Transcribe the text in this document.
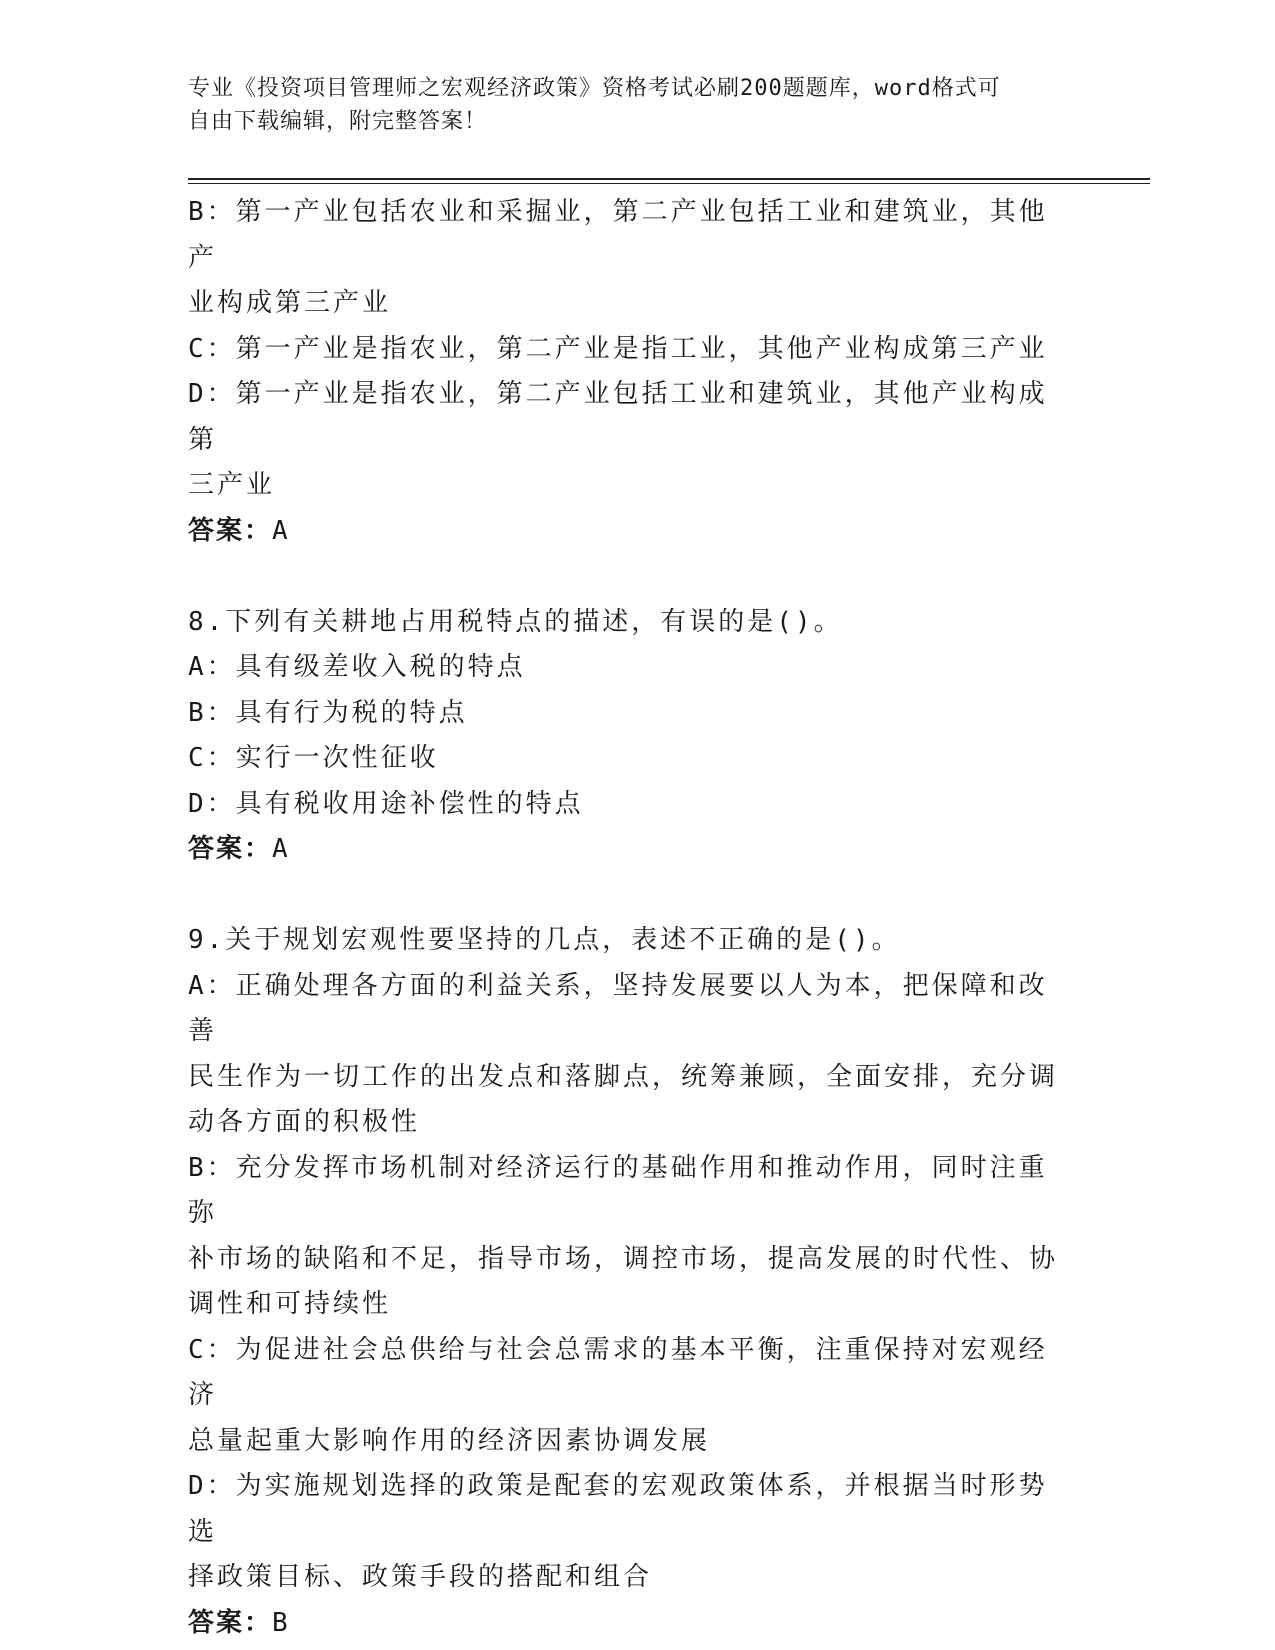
专业《投资项目管理师之宏观经济政策》资格考试必刷200题题库，word格式可
自由下载编辑，附完整答案！

B：第一产业包括农业和采掘业，第二产业包括工业和建筑业，其他产

业构成第三产业

C：第一产业是指农业，第二产业是指工业，其他产业构成第三产业

D：第一产业是指农业，第二产业包括工业和建筑业，其他产业构成第

三产业

答案：A

8.下列有关耕地占用税特点的描述，有误的是()。

A：具有级差收入税的特点

B：具有行为税的特点

C：实行一次性征收

D：具有税收用途补偿性的特点

答案：A

9.关于规划宏观性要坚持的几点，表述不正确的是()。

A：正确处理各方面的利益关系，坚持发展要以人为本，把保障和改善

民生作为一切工作的出发点和落脚点，统筹兼顾，全面安排，充分调

动各方面的积极性

B：充分发挥市场机制对经济运行的基础作用和推动作用，同时注重弥

补市场的缺陷和不足，指导市场，调控市场，提高发展的时代性、协

调性和可持续性

C：为促进社会总供给与社会总需求的基本平衡，注重保持对宏观经济

总量起重大影响作用的经济因素协调发展

D：为实施规划选择的政策是配套的宏观政策体系，并根据当时形势选

择政策目标、政策手段的搭配和组合

答案：B
